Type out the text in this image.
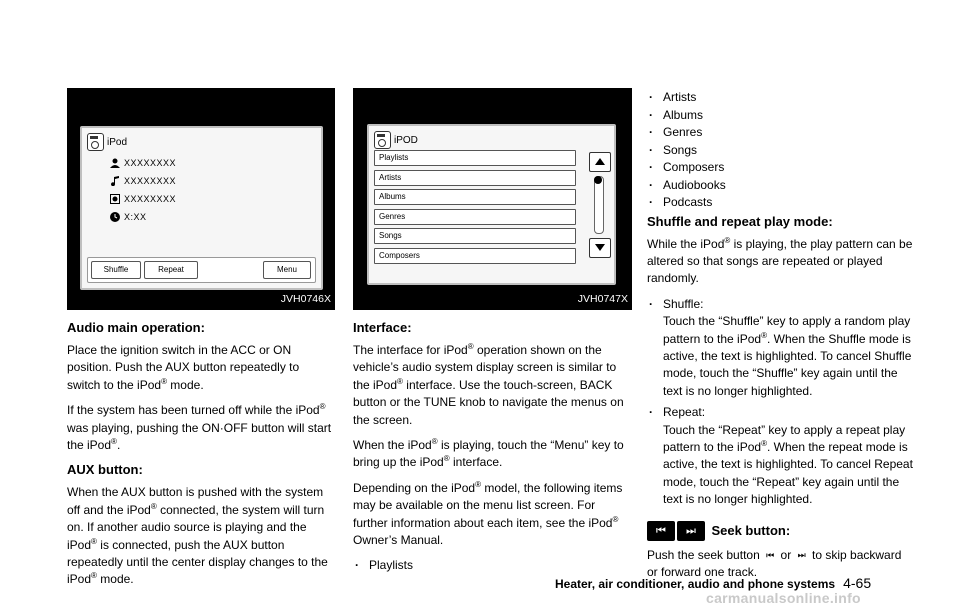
iPod
XXXXXXXX
XXXXXXXX
XXXXXXXX
X:XX
Shuffle	Repeat	Menu
JVH0746X
iPOD
Playlists
Artists
Albums
Genres
Songs
Composers
JVH0747X
Audio main operation:

Place the ignition switch in the ACC or ON position. Push the AUX button repeatedly to switch to the iPod® mode.

If the system has been turned off while the iPod® was playing, pushing the ON·OFF button will start the iPod®.

AUX button:

When the AUX button is pushed with the system off and the iPod® connected, the system will turn on. If another audio source is playing and the iPod® is connected, push the AUX button repeatedly until the center display changes to the iPod® mode.

Interface:

The interface for iPod® operation shown on the vehicle’s audio system display screen is similar to the iPod® interface. Use the touch-screen, BACK button or the TUNE knob to navigate the menus on the screen.

When the iPod® is playing, touch the “Menu” key to bring up the iPod® interface.

Depending on the iPod® model, the following items may be available on the menu list screen. For further information about each item, see the iPod® Owner’s Manual.

. Playlists
. Artists
. Albums
. Genres
. Songs
. Composers
. Audiobooks
. Podcasts
Shuffle and repeat play mode:

While the iPod® is playing, the play pattern can be altered so that songs are repeated or played randomly.

. Shuffle:
Touch the “Shuffle” key to apply a random play pattern to the iPod®. When the Shuffle mode is active, the text is highlighted. To cancel Shuffle mode, touch the “Shuffle” key again until the text is no longer highlighted.
. Repeat:
Touch the “Repeat” key to apply a repeat play pattern to the iPod®. When the repeat mode is active, the text is highlighted. To cancel Repeat mode, touch the “Repeat” key again until the text is no longer highlighted.
⏮ ⏭ Seek button:

Push the seek button ⏮ or ⏭ to skip backward or forward one track.

Heater, air conditioner, audio and phone systems 4-65
carmanualsonline.info
